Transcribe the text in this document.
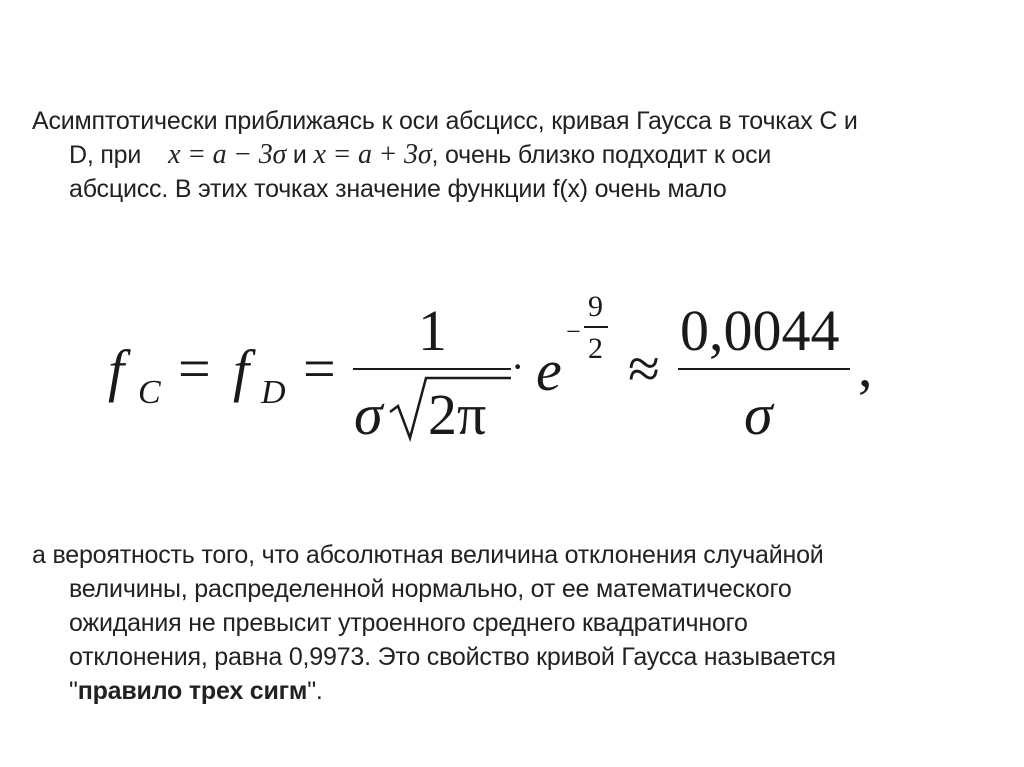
Асимптотически приближаясь к оси абсцисс, кривая Гаусса в точках C и
D, при x = a − 3σ и x = a + 3σ, очень близко подходит к оси
абсцисс. В этих точках значение функции f(x) очень мало
f C = f D =
1
σ 2π
· e
−
9
2 ≈
0,0044
σ
,
а вероятность того, что абсолютная величина отклонения случайной
величины, распределенной нормально, от ее математического
ожидания не превысит утроенного среднего квадратичного
отклонения, равна 0,9973. Это свойство кривой Гаусса называется
"правило трех сигм".
